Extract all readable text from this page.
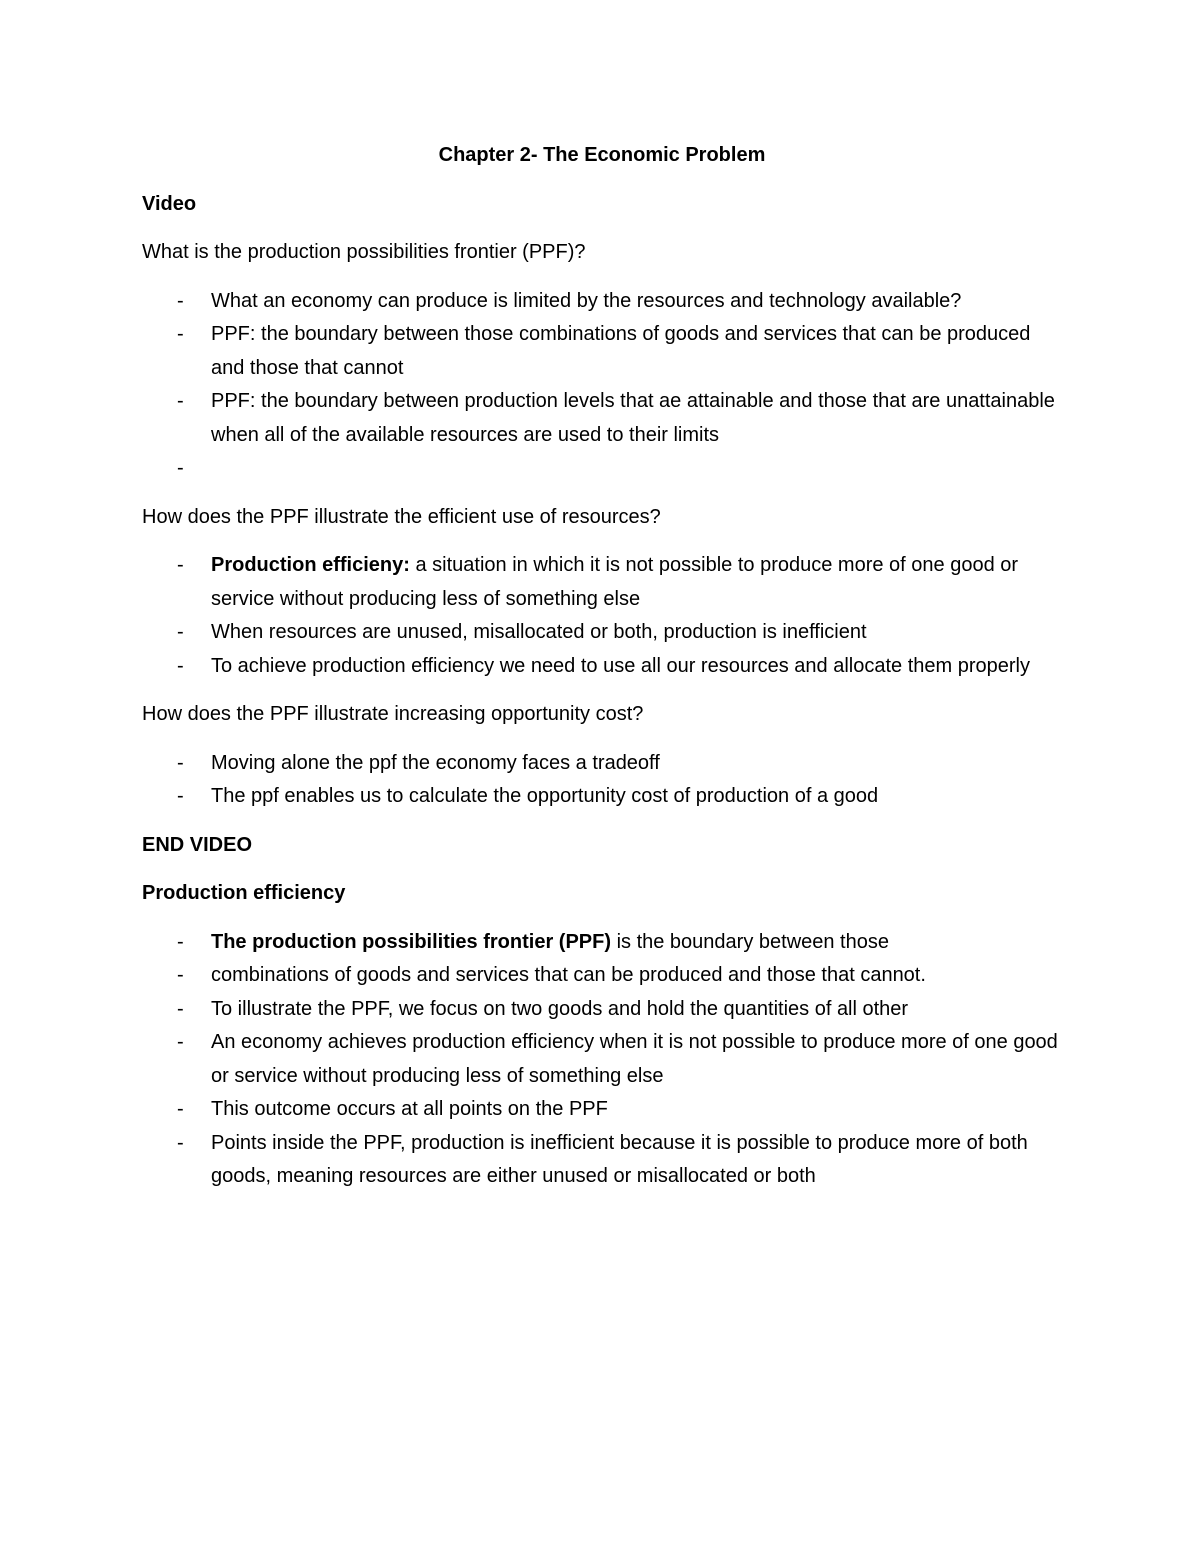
Chapter 2- The Economic Problem

Video

What is the production possibilities frontier (PPF)?

- What an economy can produce is limited by the resources and technology available?
- PPF: the boundary between those combinations of goods and services that can be produced and those that cannot
- PPF: the boundary between production levels that ae attainable and those that are unattainable when all of the available resources are used to their limits
-

How does the PPF illustrate the efficient use of resources?

- Production efficieny: a situation in which it is not possible to produce more of one good or service without producing less of something else
- When resources are unused, misallocated or both, production is inefficient
- To achieve production efficiency we need to use all our resources and allocate them properly

How does the PPF illustrate increasing opportunity cost?

- Moving alone the ppf the economy faces a tradeoff
- The ppf enables us to calculate the opportunity cost of production of a good

END VIDEO

Production efficiency

- The production possibilities frontier (PPF) is the boundary between those
- combinations of goods and services that can be produced and those that cannot.
- To illustrate the PPF, we focus on two goods and hold the quantities of all other
- An economy achieves production efficiency when it is not possible to produce more of one good or service without producing less of something else
- This outcome occurs at all points on the PPF
- Points inside the PPF, production is inefficient because it is possible to produce more of both goods, meaning resources are either unused or misallocated or both
